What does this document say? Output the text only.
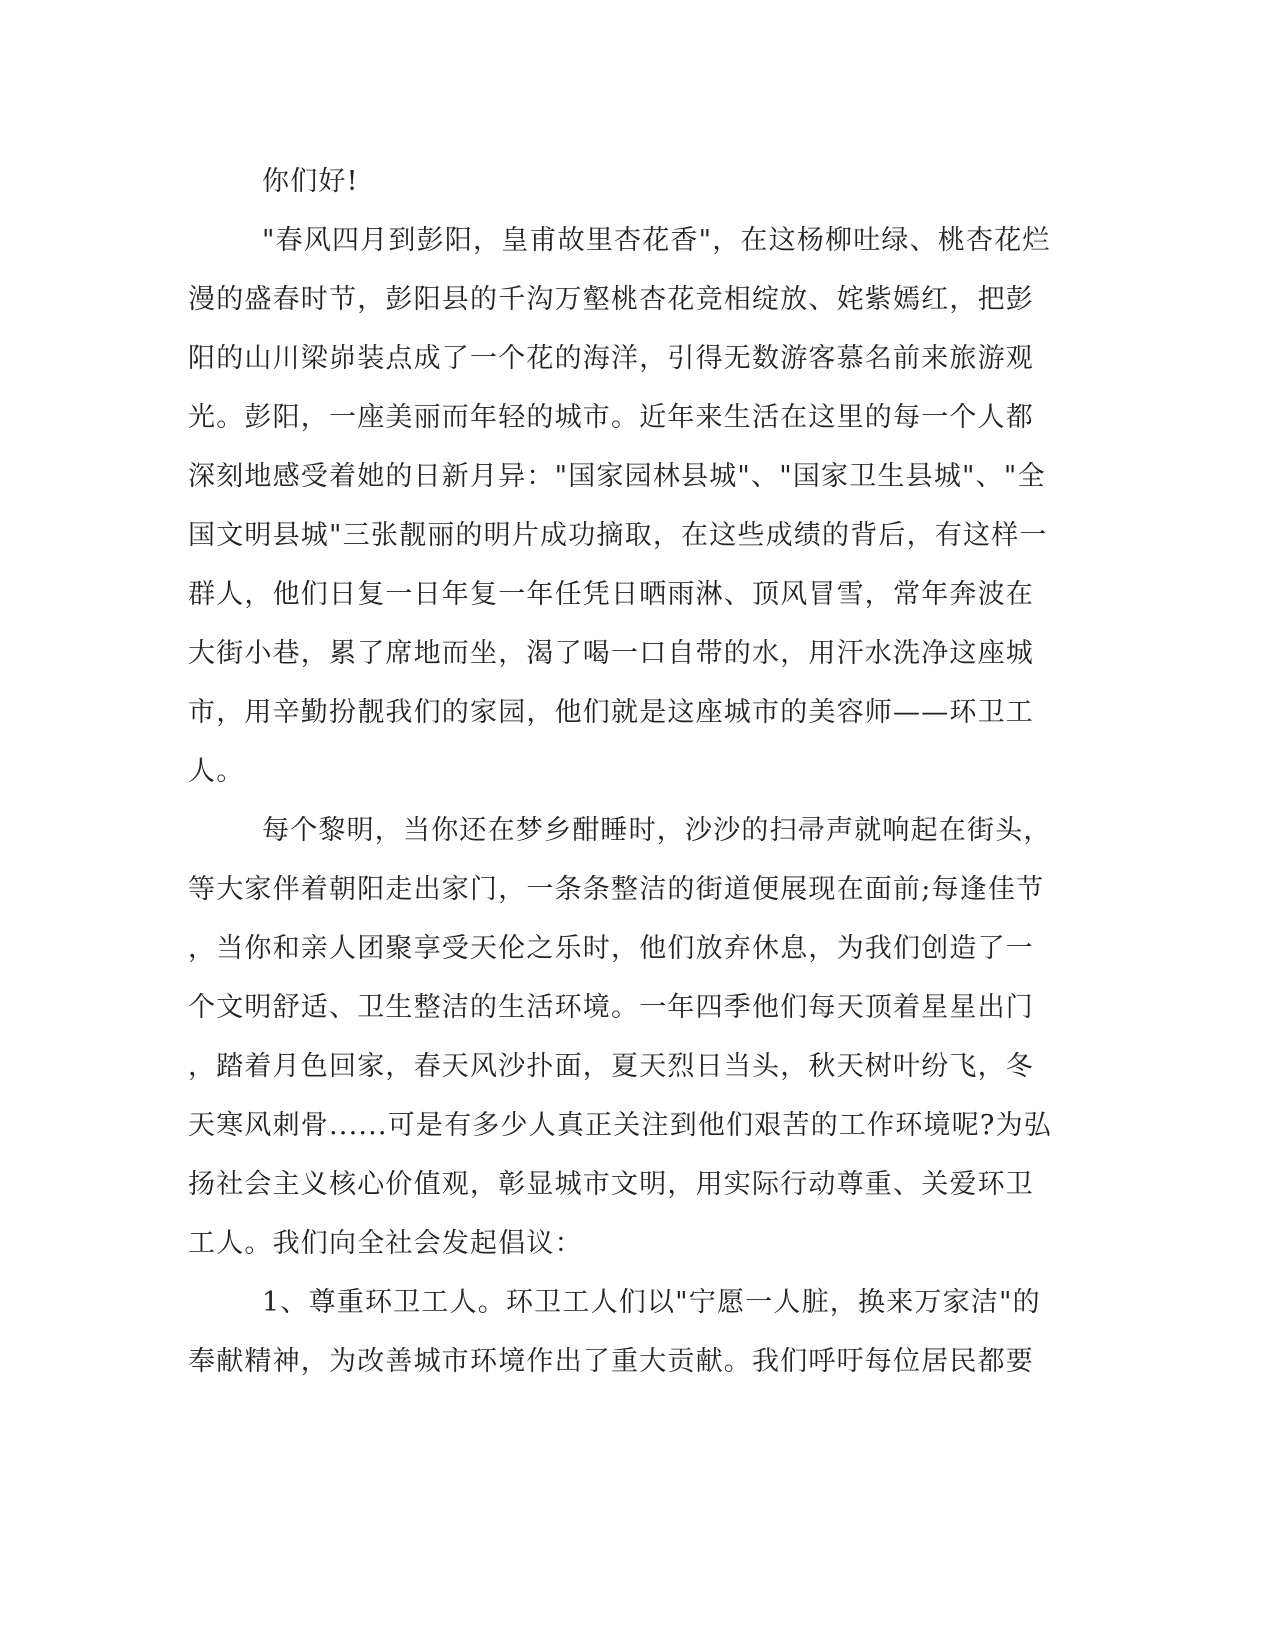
你们好!
"春风四月到彭阳，皇甫故里杏花香"，在这杨柳吐绿、桃杏花烂
漫的盛春时节，彭阳县的千沟万壑桃杏花竞相绽放、姹紫嫣红，把彭
阳的山川梁峁装点成了一个花的海洋，引得无数游客慕名前来旅游观
光。彭阳，一座美丽而年轻的城市。近年来生活在这里的每一个人都
深刻地感受着她的日新月异："国家园林县城"、"国家卫生县城"、"全
国文明县城"三张靓丽的明片成功摘取，在这些成绩的背后，有这样一
群人，他们日复一日年复一年任凭日晒雨淋、顶风冒雪，常年奔波在
大街小巷，累了席地而坐，渴了喝一口自带的水，用汗水洗净这座城
市，用辛勤扮靓我们的家园，他们就是这座城市的美容师——环卫工
人。
每个黎明，当你还在梦乡酣睡时，沙沙的扫帚声就响起在街头，
等大家伴着朝阳走出家门，一条条整洁的街道便展现在面前;每逢佳节
，当你和亲人团聚享受天伦之乐时，他们放弃休息，为我们创造了一
个文明舒适、卫生整洁的生活环境。一年四季他们每天顶着星星出门
，踏着月色回家，春天风沙扑面，夏天烈日当头，秋天树叶纷飞，冬
天寒风刺骨......可是有多少人真正关注到他们艰苦的工作环境呢?为弘
扬社会主义核心价值观，彰显城市文明，用实际行动尊重、关爱环卫
工人。我们向全社会发起倡议：
1、尊重环卫工人。环卫工人们以"宁愿一人脏，换来万家洁"的
奉献精神，为改善城市环境作出了重大贡献。我们呼吁每位居民都要
